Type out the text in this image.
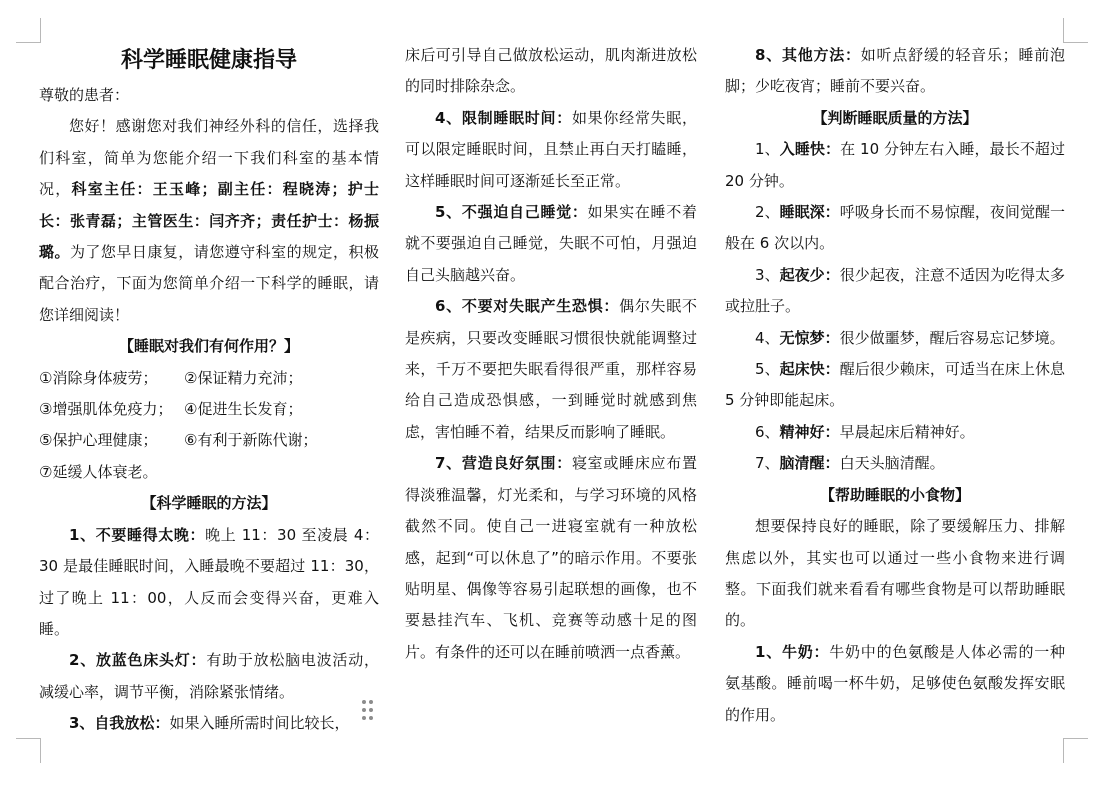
科学睡眠健康指导

尊敬的患者：

您好！感谢您对我们神经外科的信任，选择我们科室，简单为您能介绍一下我们科室的基本情况，科室主任：王玉峰；副主任：程晓涛；护士长：张青磊；主管医生：闫齐齐；责任护士：杨振璐。为了您早日康复，请您遵守科室的规定，积极配合治疗，下面为您简单介绍一下科学的睡眠，请您详细阅读！

【睡眠对我们有何作用？】

①消除身体疲劳；	②保证精力充沛；
③增强肌体免疫力； ④促进生长发育；
⑤保护心理健康；	⑥有利于新陈代谢；
⑦延缓人体衰老。

【科学睡眠的方法】

1、不要睡得太晚：晚上 11：30 至凌晨 4：30 是最佳睡眠时间，入睡最晚不要超过 11：30，过了晚上 11：00，人反而会变得兴奋，更难入睡。

2、放蓝色床头灯：有助于放松脑电波活动，减缓心率，调节平衡，消除紧张情绪。

3、自我放松：如果入睡所需时间比较长，

床后可引导自己做放松运动，肌肉渐进放松的同时排除杂念。

4、限制睡眠时间：如果你经常失眠，可以限定睡眠时间，且禁止再白天打瞌睡，这样睡眠时间可逐渐延长至正常。

5、不强迫自己睡觉：如果实在睡不着就不要强迫自己睡觉，失眠不可怕，月强迫自己头脑越兴奋。

6、不要对失眠产生恐惧：偶尔失眠不是疾病，只要改变睡眠习惯很快就能调整过来，千万不要把失眠看得很严重，那样容易给自己造成恐惧感，一到睡觉时就感到焦虑，害怕睡不着，结果反而影响了睡眠。

7、营造良好氛围：寝室或睡床应布置得淡雅温馨，灯光柔和，与学习环境的风格截然不同。使自己一进寝室就有一种放松感，起到“可以休息了”的暗示作用。不要张贴明星、偶像等容易引起联想的画像，也不要悬挂汽车、飞机、竞赛等动感十足的图片。有条件的还可以在睡前喷洒一点香薰。

8、其他方法：如听点舒缓的轻音乐；睡前泡脚；少吃夜宵；睡前不要兴奋。

【判断睡眠质量的方法】

1、入睡快：在 10 分钟左右入睡，最长不超过 20 分钟。

2、睡眠深：呼吸身长而不易惊醒，夜间觉醒一般在 6 次以内。

3、起夜少：很少起夜，注意不适因为吃得太多或拉肚子。

4、无惊梦：很少做噩梦，醒后容易忘记梦境。

5、起床快：醒后很少赖床，可适当在床上休息 5 分钟即能起床。

6、精神好：早晨起床后精神好。

7、脑清醒：白天头脑清醒。

【帮助睡眠的小食物】

想要保持良好的睡眠，除了要缓解压力、排解焦虑以外，其实也可以通过一些小食物来进行调整。下面我们就来看看有哪些食物是可以帮助睡眠的。

1、牛奶：牛奶中的色氨酸是人体必需的一种氨基酸。睡前喝一杯牛奶，足够使色氨酸发挥安眠的作用。
